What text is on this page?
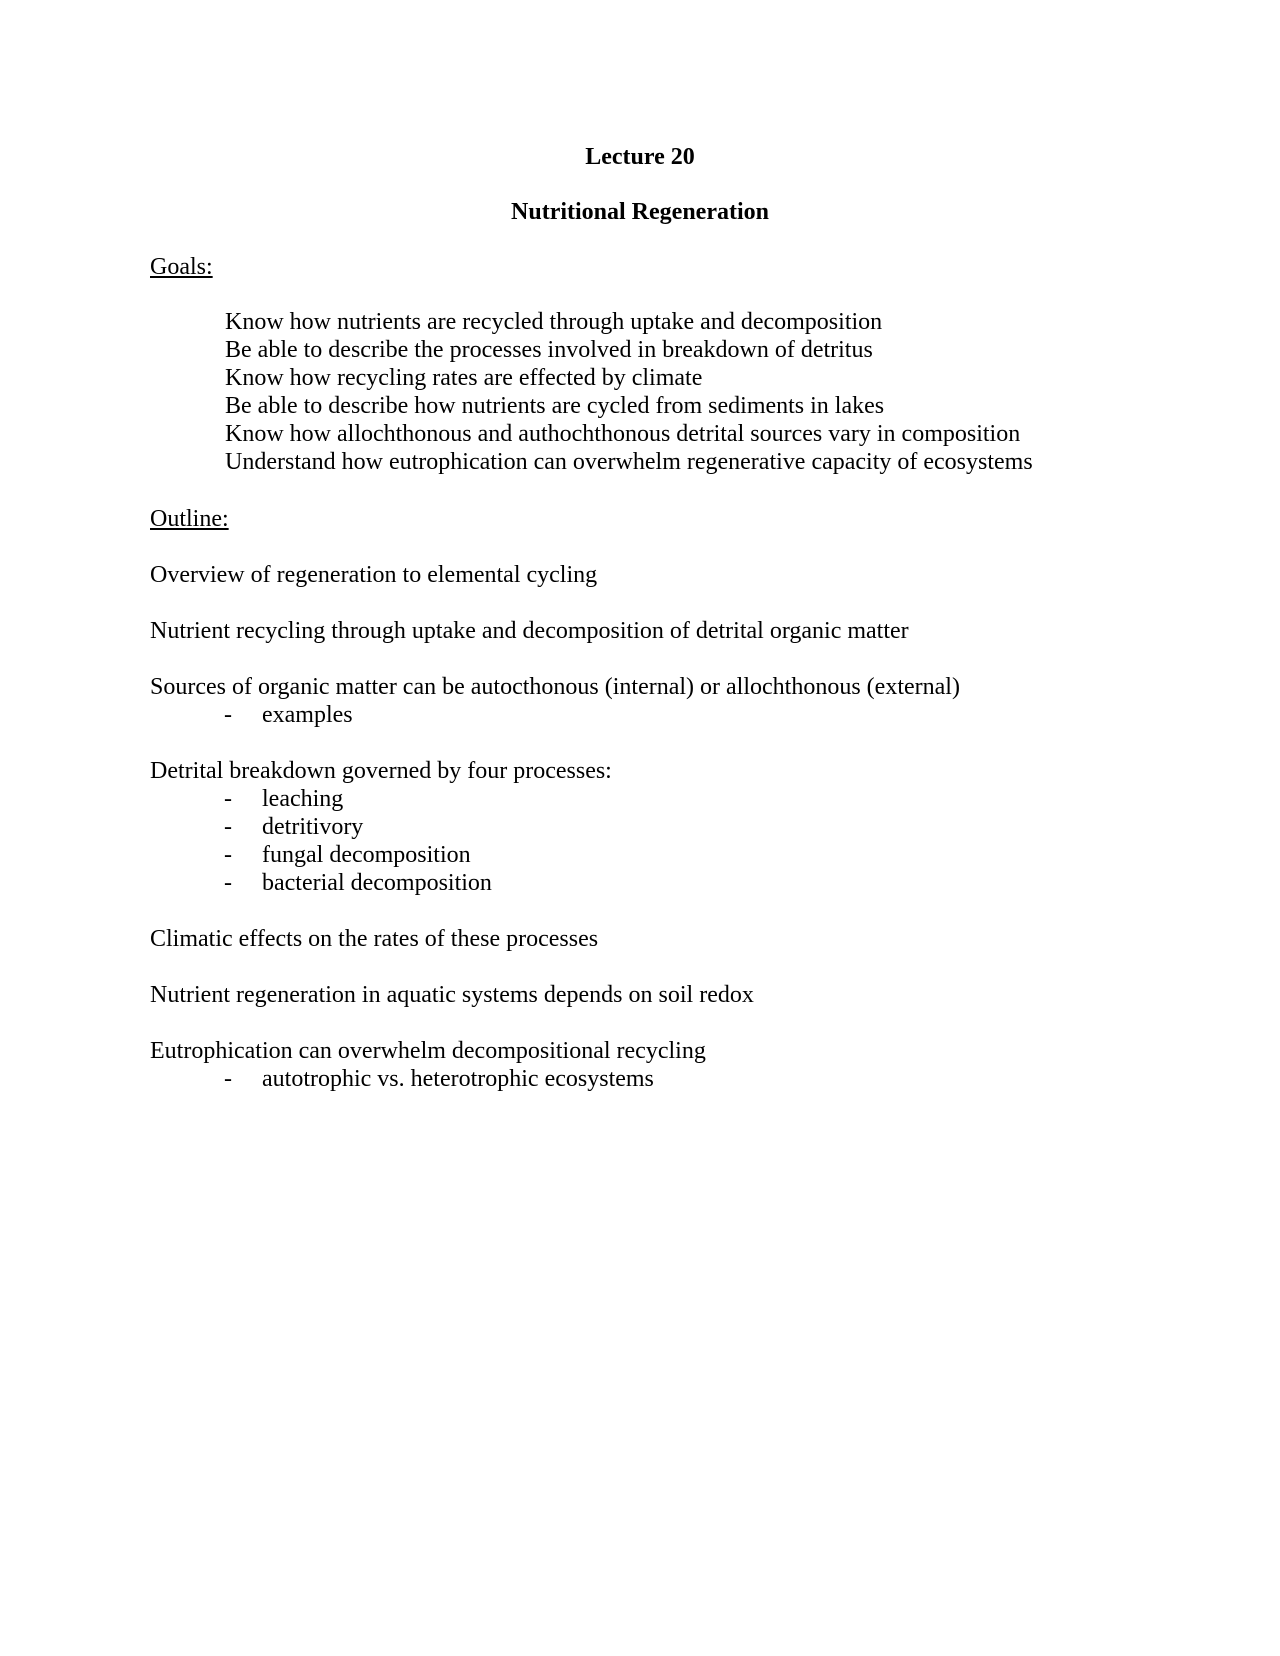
Lecture 20
Nutritional Regeneration
Goals:
Know how nutrients are recycled through uptake and decomposition
Be able to describe the processes involved in breakdown of detritus
Know how recycling rates are effected by climate
Be able to describe how nutrients are cycled from sediments in lakes
Know how allochthonous and authochthonous detrital sources vary in composition
Understand how eutrophication can overwhelm regenerative capacity of ecosystems
Outline:
Overview of regeneration to elemental cycling
Nutrient recycling through uptake and decomposition of detrital organic matter
Sources of organic matter can be autocthonous (internal) or allochthonous (external)
- examples
Detrital breakdown governed by four processes:
- leaching
- detritivory
- fungal decomposition
- bacterial decomposition
Climatic effects on the rates of these processes
Nutrient regeneration in aquatic systems depends on soil redox
Eutrophication can overwhelm decompositional recycling
- autotrophic vs. heterotrophic ecosystems
